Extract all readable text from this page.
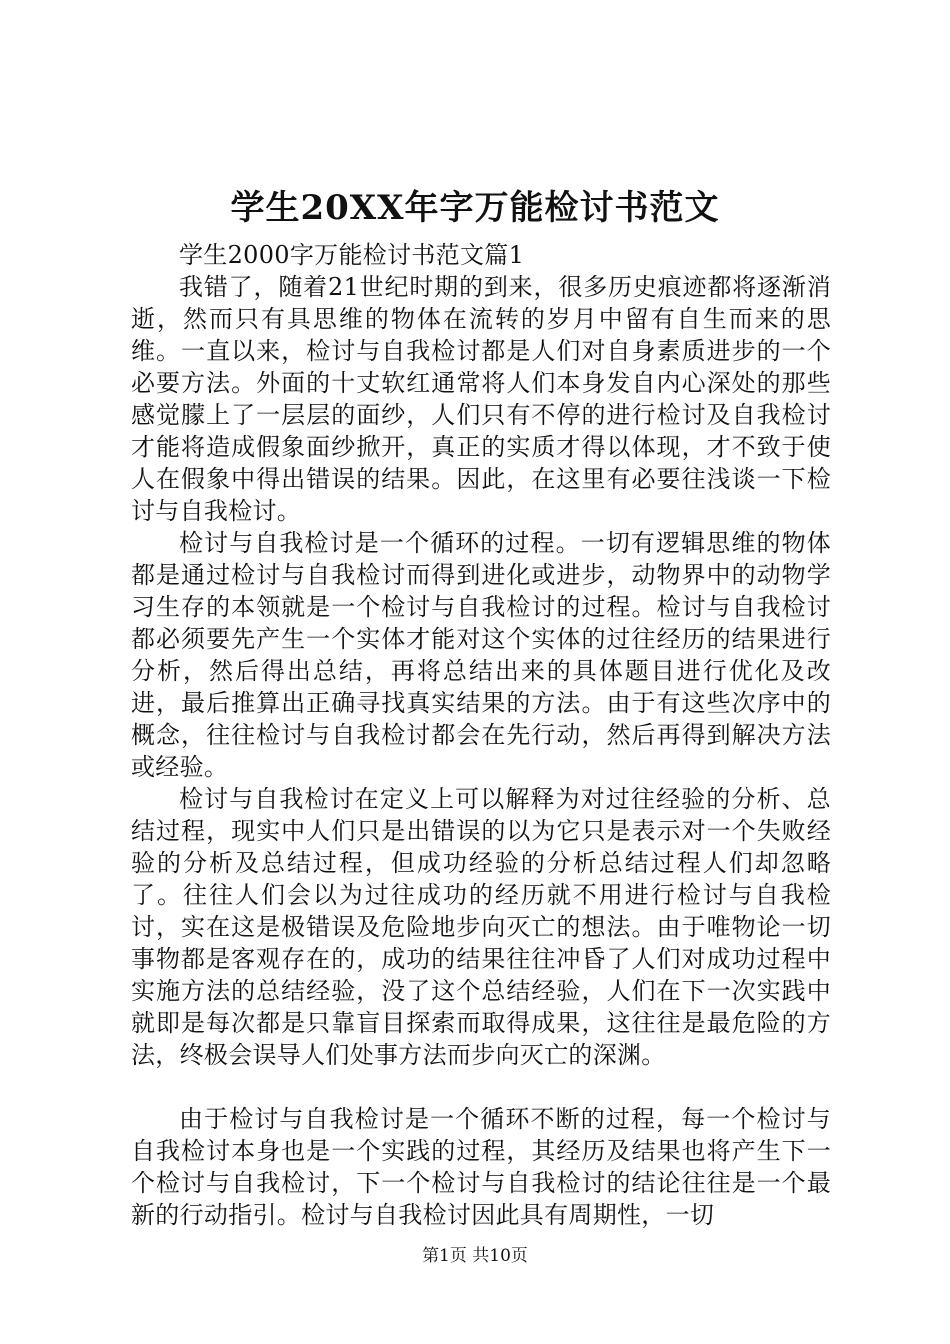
学生20XX年字万能检讨书范文

学生2000字万能检讨书范文篇1

我错了，随着21世纪时期的到来，很多历史痕迹都将逐渐消逝，然而只有具思维的物体在流转的岁月中留有自生而来的思维。一直以来，检讨与自我检讨都是人们对自身素质进步的一个必要方法。外面的十丈软红通常将人们本身发自内心深处的那些感觉朦上了一层层的面纱，人们只有不停的进行检讨及自我检讨才能将造成假象面纱掀开，真正的实质才得以体现，才不致于使人在假象中得出错误的结果。因此，在这里有必要往浅谈一下检讨与自我检讨。

检讨与自我检讨是一个循环的过程。一切有逻辑思维的物体都是通过检讨与自我检讨而得到进化或进步，动物界中的动物学习生存的本领就是一个检讨与自我检讨的过程。检讨与自我检讨都必须要先产生一个实体才能对这个实体的过往经历的结果进行分析，然后得出总结，再将总结出来的具体题目进行优化及改进，最后推算出正确寻找真实结果的方法。由于有这些次序中的概念，往往检讨与自我检讨都会在先行动，然后再得到解决方法或经验。

检讨与自我检讨在定义上可以解释为对过往经验的分析、总结过程，现实中人们只是出错误的以为它只是表示对一个失败经验的分析及总结过程，但成功经验的分析总结过程人们却忽略了。往往人们会以为过往成功的经历就不用进行检讨与自我检讨，实在这是极错误及危险地步向灭亡的想法。由于唯物论一切事物都是客观存在的，成功的结果往往冲昏了人们对成功过程中实施方法的总结经验，没了这个总结经验，人们在下一次实践中就即是每次都是只靠盲目探索而取得成果，这往往是最危险的方法，终极会误导人们处事方法而步向灭亡的深渊。

由于检讨与自我检讨是一个循环不断的过程，每一个检讨与自我检讨本身也是一个实践的过程，其经历及结果也将产生下一个检讨与自我检讨，下一个检讨与自我检讨的结论往往是一个最新的行动指引。检讨与自我检讨因此具有周期性，一切

第1页 共10页
